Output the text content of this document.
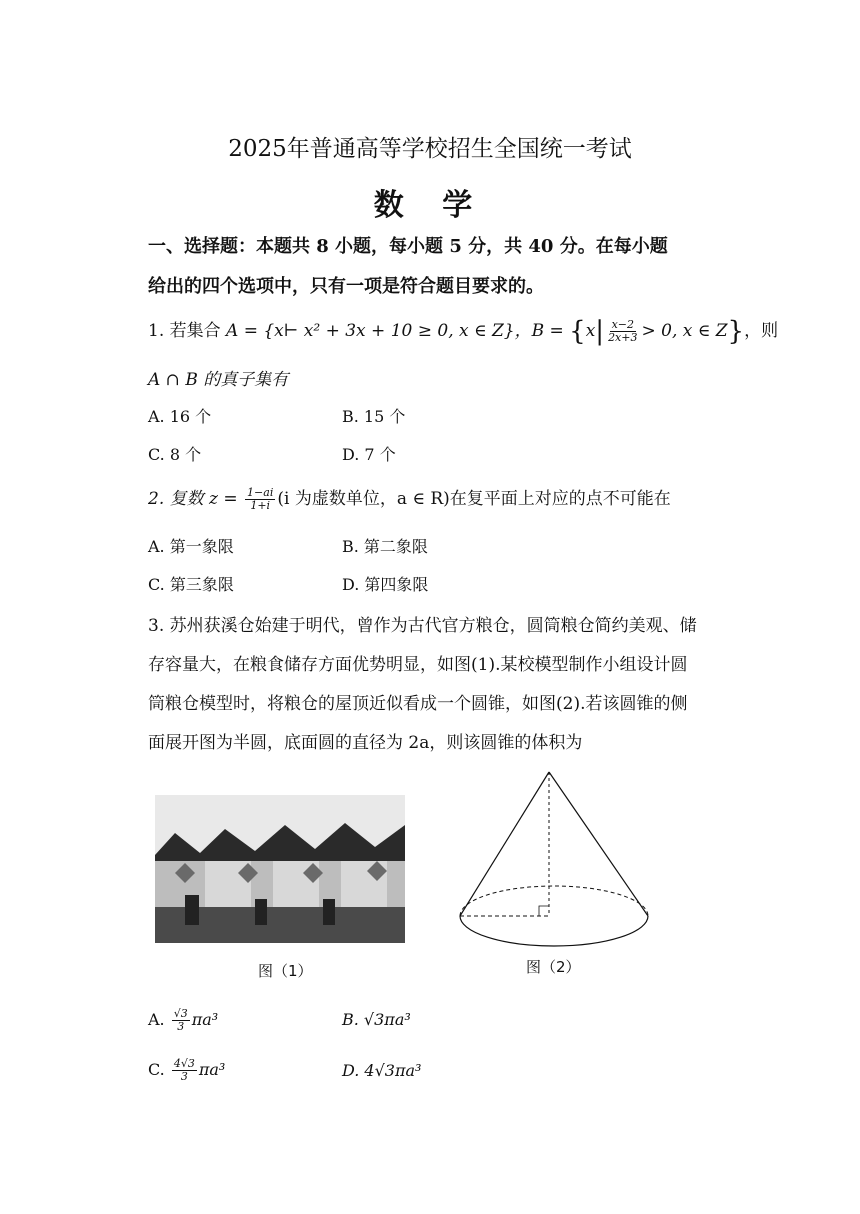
2025年普通高等学校招生全国统一考试
数 学
一、选择题：本题共 8 小题，每小题 5 分，共 40 分。在每小题
给出的四个选项中，只有一项是符合题目要求的。
1. 若集合 A = {x⊢ x² + 3x + 10 ≥ 0, x ∈ Z}，$B = \{x| \frac{x-2}{2x+3} > 0$, x ∈ Z}，则
A ∩ B 的真子集有
A. 16 个	B. 15 个
C. 8 个	D. 7 个
2. 复数 $z = \frac{1-ai}{1+i} (i$ 为虚数单位，a ∈ R)在复平面上对应的点不可能在
A. 第一象限	B. 第二象限
C. 第三象限	D. 第四象限
3. 苏州获溪仓始建于明代，曾作为古代官方粮仓，圆筒粮仓简约美观、储
存容量大，在粮食储存方面优势明显，如图(1).某校模型制作小组设计圆
筒粮仓模型时，将粮仓的屋顶近似看成一个圆锥，如图(2).若该圆锥的侧
面展开图为半圆，底面圆的直径为 2a，则该圆锥的体积为
图（1）	图（2）
A. $\frac{√3}{3} \pi a^3$	B. √3πa³
C. $\frac{4√3}{3} \pi a^3$	D. 4√3πa³
